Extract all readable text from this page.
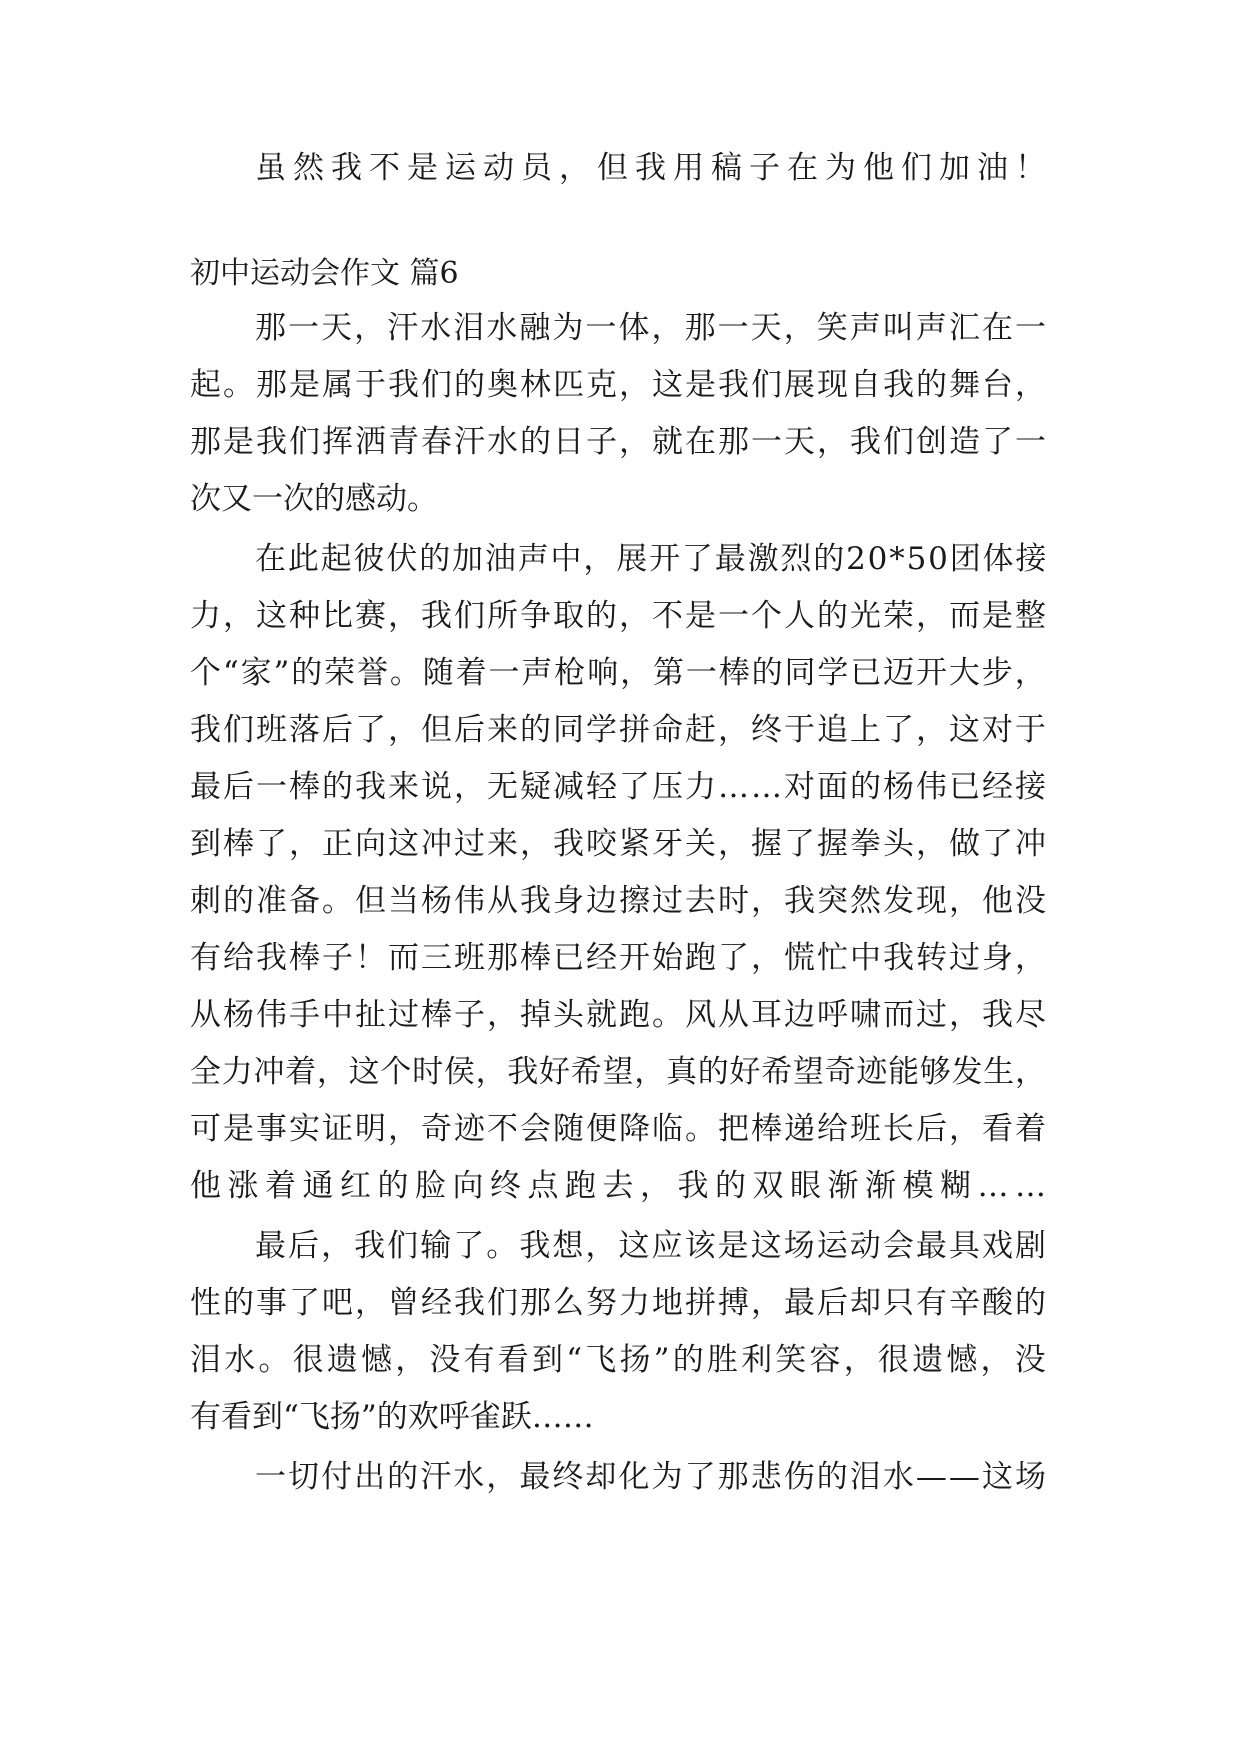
虽然我不是运动员，但我用稿子在为他们加油！
初中运动会作文 篇6
那一天，汗水泪水融为一体，那一天，笑声叫声汇在一
起。那是属于我们的奥林匹克，这是我们展现自我的舞台，
那是我们挥洒青春汗水的日子，就在那一天，我们创造了一
次又一次的感动。
在此起彼伏的加油声中，展开了最激烈的20*50团体接
力，这种比赛，我们所争取的，不是一个人的光荣，而是整
个“家”的荣誉。随着一声枪响，第一棒的同学已迈开大步，
我们班落后了，但后来的同学拼命赶，终于追上了，这对于
最后一棒的我来说，无疑减轻了压力……对面的杨伟已经接
到棒了，正向这冲过来，我咬紧牙关，握了握拳头，做了冲
刺的准备。但当杨伟从我身边擦过去时，我突然发现，他没
有给我棒子！而三班那棒已经开始跑了，慌忙中我转过身，
从杨伟手中扯过棒子，掉头就跑。风从耳边呼啸而过，我尽
全力冲着，这个时侯，我好希望，真的好希望奇迹能够发生，
可是事实证明，奇迹不会随便降临。把棒递给班长后，看着
他涨着通红的脸向终点跑去，我的双眼渐渐模糊……
最后，我们输了。我想，这应该是这场运动会最具戏剧
性的事了吧，曾经我们那么努力地拼搏，最后却只有辛酸的
泪水。很遗憾，没有看到“飞扬”的胜利笑容，很遗憾，没
有看到“飞扬”的欢呼雀跃……
一切付出的汗水，最终却化为了那悲伤的泪水——这场
